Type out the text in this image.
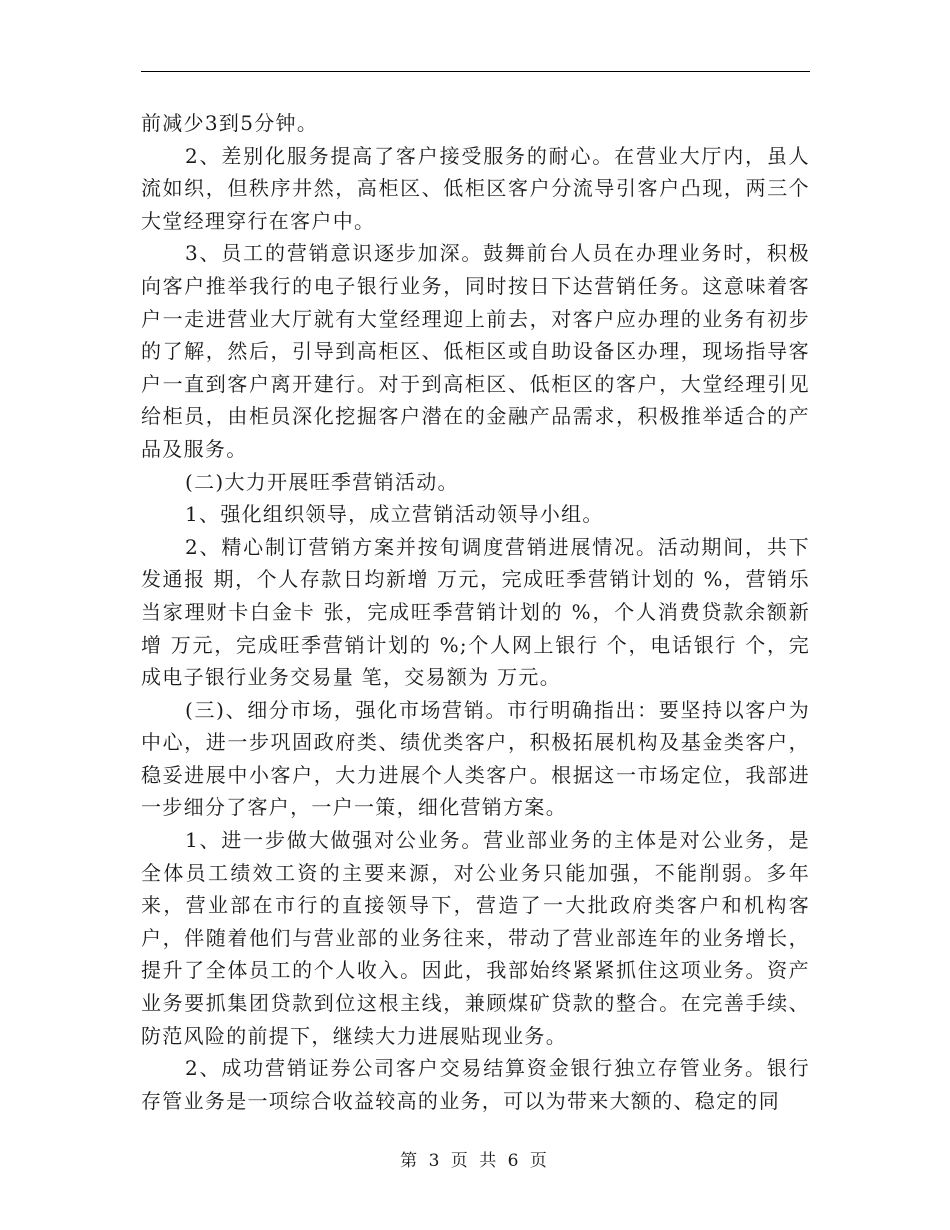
前减少3到5分钟。

2、差别化服务提高了客户接受服务的耐心。在营业大厅内，虽人流如织，但秩序井然，高柜区、低柜区客户分流导引客户凸现，两三个大堂经理穿行在客户中。

3、员工的营销意识逐步加深。鼓舞前台人员在办理业务时，积极向客户推举我行的电子银行业务，同时按日下达营销任务。这意味着客户一走进营业大厅就有大堂经理迎上前去，对客户应办理的业务有初步的了解，然后，引导到高柜区、低柜区或自助设备区办理，现场指导客户一直到客户离开建行。对于到高柜区、低柜区的客户，大堂经理引见给柜员，由柜员深化挖掘客户潜在的金融产品需求，积极推举适合的产品及服务。

(二)大力开展旺季营销活动。

1、强化组织领导，成立营销活动领导小组。

2、精心制订营销方案并按旬调度营销进展情况。活动期间，共下发通报 期，个人存款日均新增 万元，完成旺季营销计划的 %，营销乐当家理财卡白金卡 张，完成旺季营销计划的 %，个人消费贷款余额新增 万元，完成旺季营销计划的 %;个人网上银行 个，电话银行 个，完成电子银行业务交易量 笔，交易额为 万元。

(三)、细分市场，强化市场营销。市行明确指出：要坚持以客户为中心，进一步巩固政府类、绩优类客户，积极拓展机构及基金类客户，稳妥进展中小客户，大力进展个人类客户。根据这一市场定位，我部进一步细分了客户，一户一策，细化营销方案。

1、进一步做大做强对公业务。营业部业务的主体是对公业务，是全体员工绩效工资的主要来源，对公业务只能加强，不能削弱。多年来，营业部在市行的直接领导下，营造了一大批政府类客户和机构客户，伴随着他们与营业部的业务往来，带动了营业部连年的业务增长，提升了全体员工的个人收入。因此，我部始终紧紧抓住这项业务。资产业务要抓集团贷款到位这根主线，兼顾煤矿贷款的整合。在完善手续、防范风险的前提下，继续大力进展贴现业务。

2、成功营销证券公司客户交易结算资金银行独立存管业务。银行存管业务是一项综合收益较高的业务，可以为带来大额的、稳定的同

第 3 页 共 6 页
